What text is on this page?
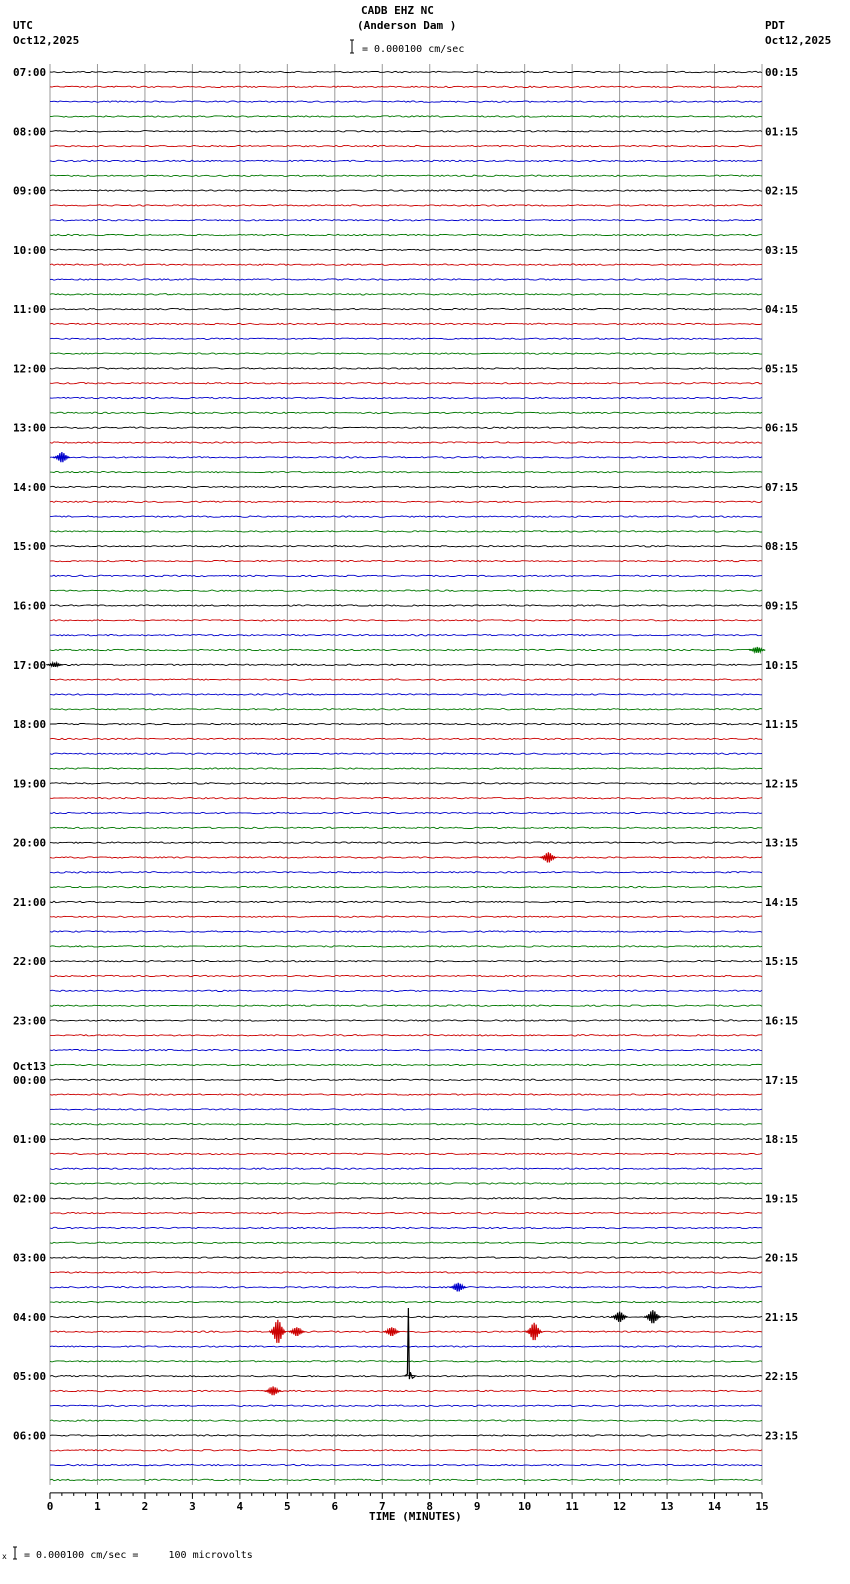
CADB EHZ NC
(Anderson Dam )
UTC
Oct12,2025
PDT
Oct12,2025
= 0.000100 cm/sec
= 0.000100 cm/sec =     100 microvolts
TIME (MINUTES)
07:00
08:00
09:00
10:00
11:00
12:00
13:00
14:00
15:00
16:00
17:00
18:00
19:00
20:00
21:00
22:00
23:00
Oct13
00:00
01:00
02:00
03:00
04:00
05:00
06:00
00:15
01:15
02:15
03:15
04:15
05:15
06:15
07:15
08:15
09:15
10:15
11:15
12:15
13:15
14:15
15:15
16:15
17:15
18:15
19:15
20:15
21:15
22:15
23:15
0	1	2	3	4	5	6	7	8	9	10	11	12	13	14	15
x
